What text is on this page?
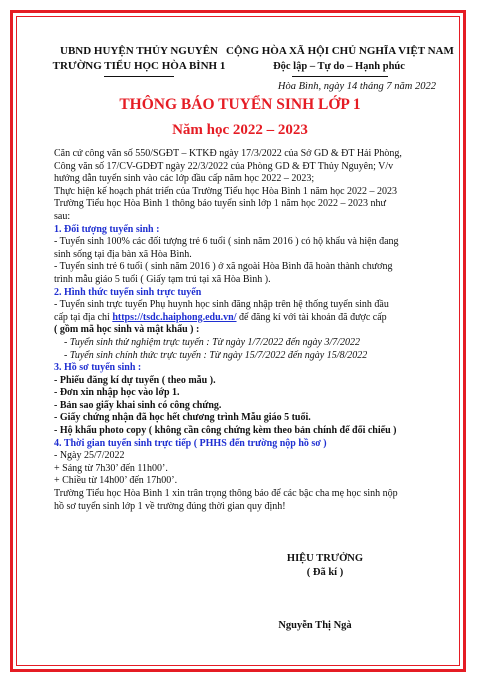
UBND HUYỆN THỦY NGUYÊN
TRƯỜNG TIỂU HỌC HÒA BÌNH 1
CỘNG HÒA XÃ HỘI CHỦ NGHĨA VIỆT NAM
Độc lập – Tự do – Hạnh phúc
Hòa Bình, ngày 14 tháng 7 năm 2022
THÔNG BÁO TUYỂN SINH LỚP 1
Năm học 2022 – 2023
Căn cứ công văn số 550/SGĐT – KTKĐ ngày 17/3/2022 của Sở GD & ĐT Hải Phòng,
Công văn số 17/CV-GDĐT ngày 22/3/2022 của Phòng GD & ĐT Thủy Nguyên; V/v
hướng dẫn tuyển sinh vào các lớp đầu cấp năm học 2022 – 2023;
Thực hiện kế hoạch phát triển của Trường Tiểu học Hòa Bình 1 năm học 2022 – 2023
Trường Tiểu học Hòa Bình 1 thông báo tuyển sinh lớp 1 năm học 2022 – 2023 như
sau:
1. Đối tượng tuyển sinh :
- Tuyển sinh 100% các đối tượng trẻ 6 tuổi ( sinh năm 2016 ) có hộ khẩu và hiện đang
sinh sống tại địa bàn xã Hòa Bình.
- Tuyển sinh trẻ 6 tuổi ( sinh năm 2016 ) ở xã ngoài Hòa Bình đã hoàn thành chương
trình mẫu giáo 5 tuổi ( Giấy tạm trú tại xã Hòa Bình ).
2. Hình thức tuyển sinh trực tuyến
- Tuyển sinh trực tuyến Phụ huynh học sinh đăng nhập trên hệ thống tuyển sinh đầu
cấp tại địa chỉ https://tsdc.haiphong.edu.vn/ để đăng kí với tài khoản đã được cấp
( gồm mã học sinh và mật khẩu ) :
- Tuyển sinh thử nghiệm trực tuyến : Từ ngày 1/7/2022 đến ngày 3/7/2022
- Tuyển sinh chính thức trực tuyến : Từ ngày 15/7/2022 đến ngày 15/8/2022
3. Hồ sơ tuyển sinh :
- Phiếu đăng kí dự tuyển ( theo mẫu ).
- Đơn xin nhập học vào lớp 1.
- Bản sao giấy khai sinh có công chứng.
- Giấy chứng nhận đã học hết chương trình Mẫu giáo 5 tuổi.
- Hộ khẩu photo copy ( không cần công chứng kèm theo bản chính để đối chiếu )
4. Thời gian tuyển sinh trực tiếp ( PHHS đến trường nộp hồ sơ )
- Ngày 25/7/2022
+ Sáng từ 7h30’ đến 11h00’.
+ Chiều từ 14h00’ đến 17h00’.
Trường Tiểu học Hòa Bình 1 xin trân trọng thông báo để các bậc cha mẹ học sinh nộp
hồ sơ tuyển sinh lớp 1 về trường đúng thời gian quy định!
HIỆU TRƯỞNG
( Đã kí )
Nguyễn Thị Ngà
